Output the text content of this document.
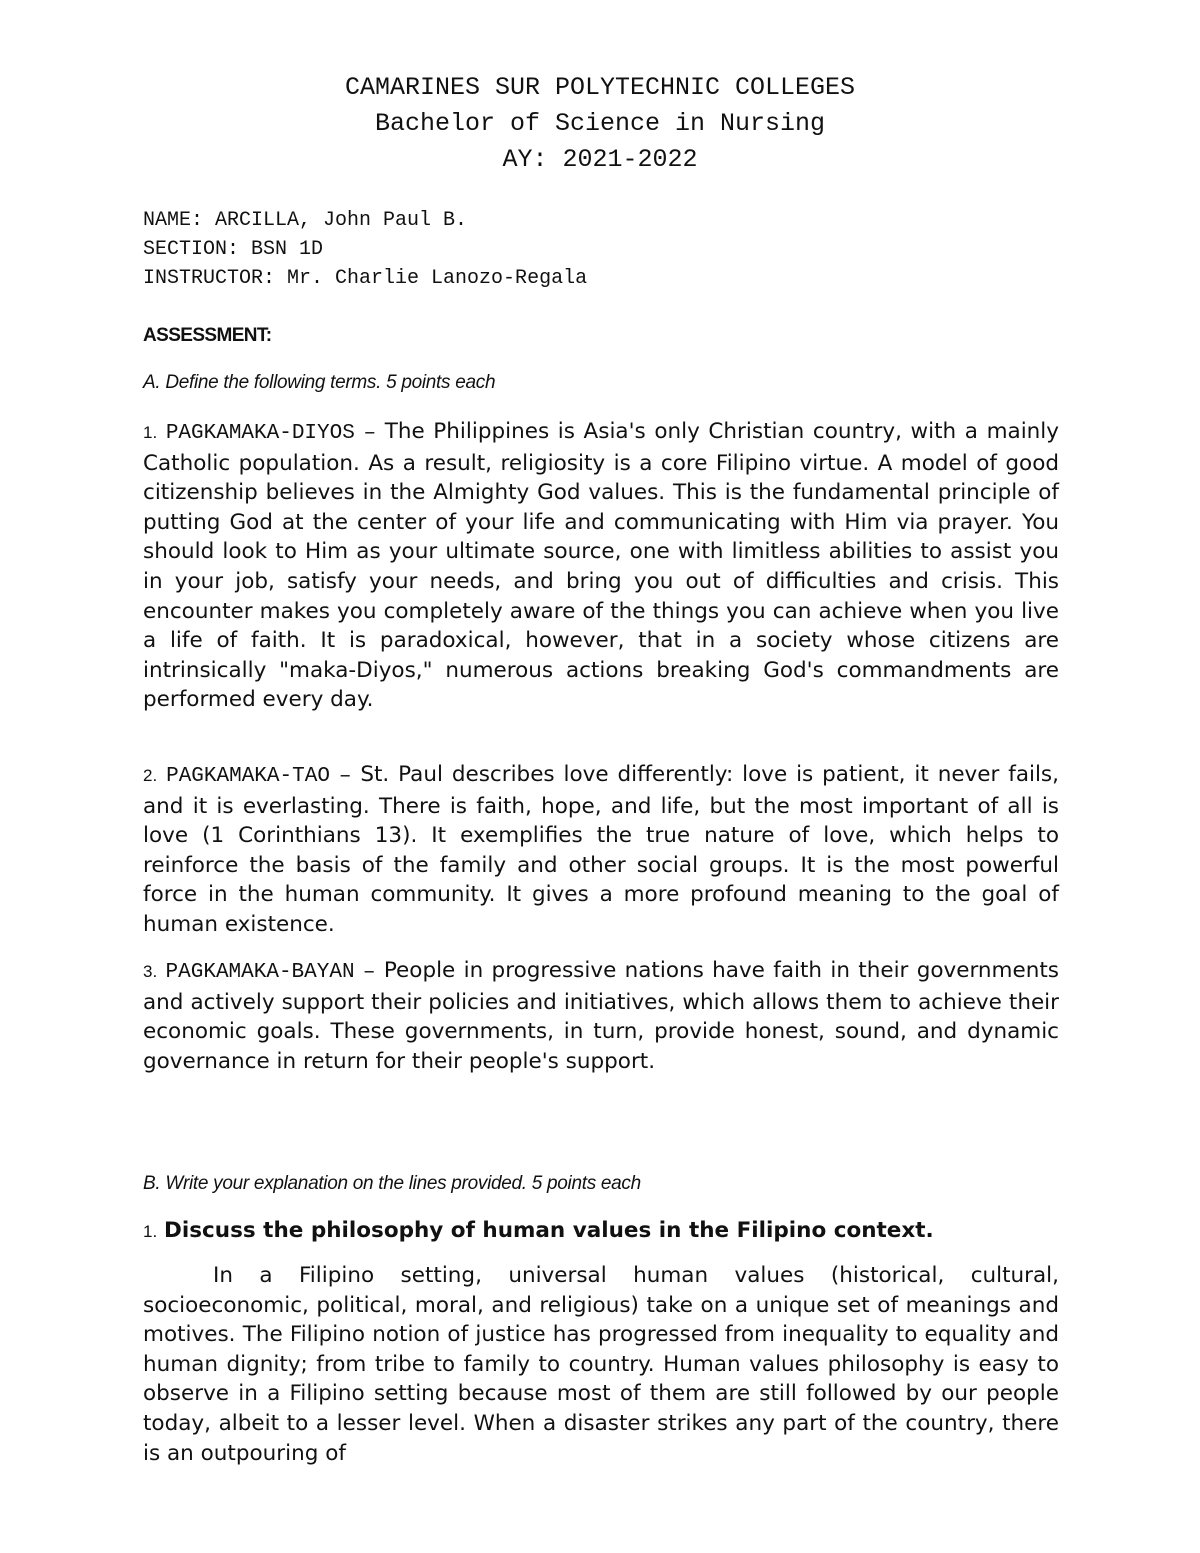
CAMARINES SUR POLYTECHNIC COLLEGES
Bachelor of Science in Nursing
AY: 2021-2022
NAME: ARCILLA, John Paul B.
SECTION: BSN 1D
INSTRUCTOR: Mr. Charlie Lanozo-Regala
ASSESSMENT:
A. Define the following terms. 5 points each
1. PAGKAMAKA-DIYOS – The Philippines is Asia's only Christian country, with a mainly Catholic population. As a result, religiosity is a core Filipino virtue. A model of good citizenship believes in the Almighty God values. This is the fundamental principle of putting God at the center of your life and communicating with Him via prayer. You should look to Him as your ultimate source, one with limitless abilities to assist you in your job, satisfy your needs, and bring you out of difficulties and crisis. This encounter makes you completely aware of the things you can achieve when you live a life of faith. It is paradoxical, however, that in a society whose citizens are intrinsically "maka-Diyos," numerous actions breaking God's commandments are performed every day.
2. PAGKAMAKA-TAO – St. Paul describes love differently: love is patient, it never fails, and it is everlasting. There is faith, hope, and life, but the most important of all is love (1 Corinthians 13). It exemplifies the true nature of love, which helps to reinforce the basis of the family and other social groups. It is the most powerful force in the human community. It gives a more profound meaning to the goal of human existence.
3. PAGKAMAKA-BAYAN – People in progressive nations have faith in their governments and actively support their policies and initiatives, which allows them to achieve their economic goals. These governments, in turn, provide honest, sound, and dynamic governance in return for their people's support.
B. Write your explanation on the lines provided. 5 points each
1. Discuss the philosophy of human values in the Filipino context.
In a Filipino setting, universal human values (historical, cultural, socioeconomic, political, moral, and religious) take on a unique set of meanings and motives. The Filipino notion of justice has progressed from inequality to equality and human dignity; from tribe to family to country. Human values philosophy is easy to observe in a Filipino setting because most of them are still followed by our people today, albeit to a lesser level. When a disaster strikes any part of the country, there is an outpouring of
